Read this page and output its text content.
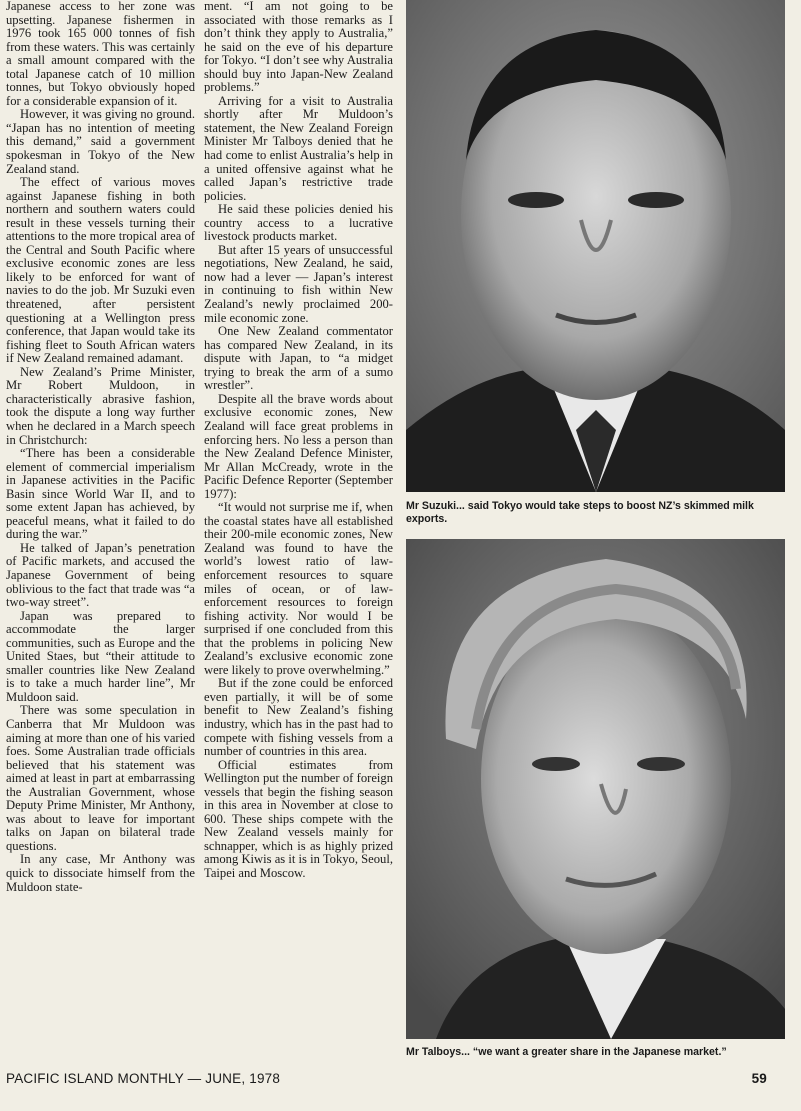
Japanese access to her zone was upsetting. Japanese fishermen in 1976 took 165 000 tonnes of fish from these waters. This was certainly a small amount compared with the total Japanese catch of 10 million tonnes, but Tokyo obviously hoped for a considerable expansion of it.

However, it was giving no ground. “Japan has no intention of meeting this demand,” said a government spokesman in Tokyo of the New Zealand stand.

The effect of various moves against Japanese fishing in both northern and southern waters could result in these vessels turning their attentions to the more tropical area of the Central and South Pacific where exclusive economic zones are less likely to be enforced for want of navies to do the job. Mr Suzuki even threatened, after persistent questioning at a Wellington press conference, that Japan would take its fishing fleet to South African waters if New Zealand remained adamant.

New Zealand’s Prime Minister, Mr Robert Muldoon, in characteristically abrasive fashion, took the dispute a long way further when he declared in a March speech in Christchurch:

“There has been a considerable element of commercial imperialism in Japanese activities in the Pacific Basin since World War II, and to some extent Japan has achieved, by peaceful means, what it failed to do during the war.”

He talked of Japan’s penetration of Pacific markets, and accused the Japanese Government of being oblivious to the fact that trade was “a two-way street”.

Japan was prepared to accommodate the larger communities, such as Europe and the United Staes, but “their attitude to smaller countries like New Zealand is to take a much harder line”, Mr Muldoon said.

There was some speculation in Canberra that Mr Muldoon was aiming at more than one of his varied foes. Some Australian trade officials believed that his statement was aimed at least in part at embarrassing the Australian Government, whose Deputy Prime Minister, Mr Anthony, was about to leave for important talks on Japan on bilateral trade questions.

In any case, Mr Anthony was quick to dissociate himself from the Muldoon state-

ment. “I am not going to be associated with those remarks as I don’t think they apply to Australia,” he said on the eve of his departure for Tokyo. “I don’t see why Australia should buy into Japan-New Zealand problems.”

Arriving for a visit to Australia shortly after Mr Muldoon’s statement, the New Zealand Foreign Minister Mr Talboys denied that he had come to enlist Australia’s help in a united offensive against what he called Japan’s restrictive trade policies.

He said these policies denied his country access to a lucrative livestock products market.

But after 15 years of unsuccessful negotiations, New Zealand, he said, now had a lever — Japan’s interest in continuing to fish within New Zealand’s newly proclaimed 200-mile economic zone.

One New Zealand commentator has compared New Zealand, in its dispute with Japan, to “a midget trying to break the arm of a sumo wrestler”.

Despite all the brave words about exclusive economic zones, New Zealand will face great problems in enforcing hers. No less a person than the New Zealand Defence Minister, Mr Allan McCready, wrote in the Pacific Defence Reporter (September 1977):

“It would not surprise me if, when the coastal states have all established their 200-mile economic zones, New Zealand was found to have the world’s lowest ratio of law-enforcement resources to square miles of ocean, or of law-enforcement resources to foreign fishing activity. Nor would I be surprised if one concluded from this that the problems in policing New Zealand’s exclusive economic zone were likely to prove overwhelming.”

But if the zone could be enforced even partially, it will be of some benefit to New Zealand’s fishing industry, which has in the past had to compete with fishing vessels from a number of countries in this area.

Official estimates from Wellington put the number of foreign vessels that begin the fishing season in this area in November at close to 600. These ships compete with the New Zealand vessels mainly for schnapper, which is as highly prized among Kiwis as it is in Tokyo, Seoul, Taipei and Moscow.

Mr Suzuki... said Tokyo would take steps to boost NZ’s skimmed milk exports.
Mr Talboys... “we want a greater share in the Japanese market.”
PACIFIC ISLAND MONTHLY — JUNE, 1978	59
